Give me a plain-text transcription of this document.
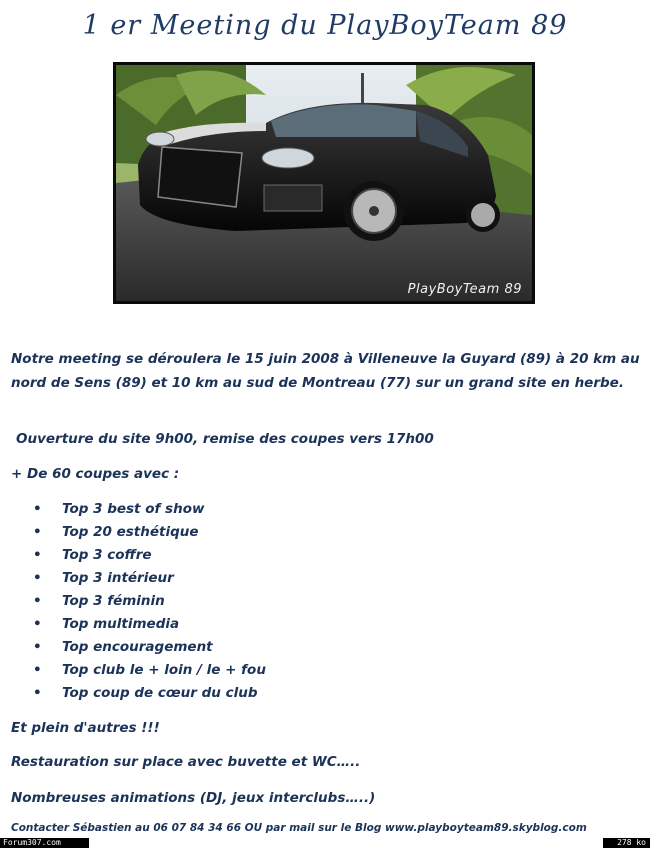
1 er Meeting du PlayBoyTeam 89
PlayBoyTeam 89
Notre meeting se déroulera le 15 juin 2008 à Villeneuve la Guyard (89) à 20 km au nord de Sens (89) et 10 km au sud de Montreau (77) sur un grand site en herbe.
Ouverture du site 9h00, remise des coupes vers 17h00
+ De 60 coupes avec :
• Top 3 best of show
• Top 20 esthétique
• Top 3 coffre
• Top 3 intérieur
• Top 3 féminin
• Top multimedia
• Top encouragement
• Top club le + loin / le + fou
• Top coup de cœur du club
Et plein d'autres !!!
Restauration sur place avec buvette et WC…..
Nombreuses animations (DJ, jeux interclubs…..)
Contacter Sébastien au 06 07 84 34 66 OU par mail sur le Blog www.playboyteam89.skyblog.com
Forum307.com	278 ko
